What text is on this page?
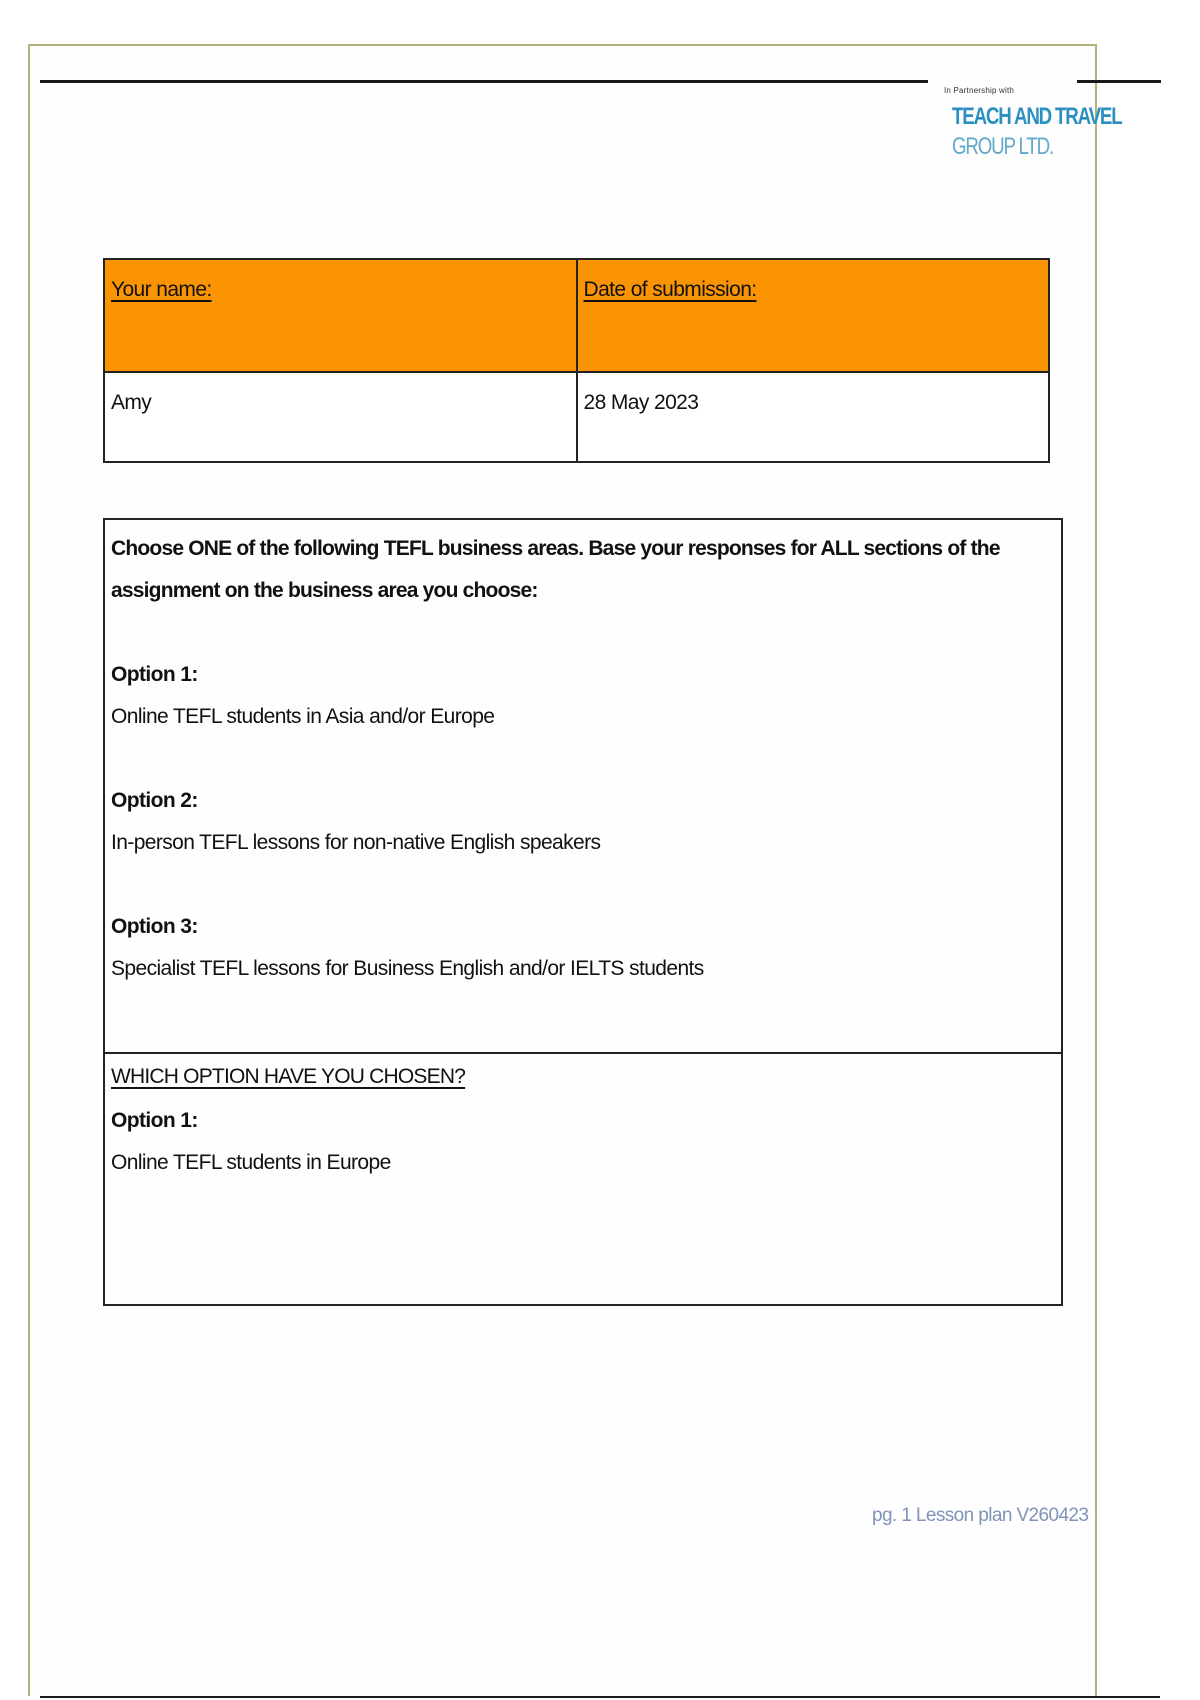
In Partnership with
TEACH AND TRAVEL
GROUP LTD.
Your name:	Date of submission:

Amy	28 May 2023
Choose ONE of the following TEFL business areas. Base your responses for ALL sections of the assignment on the business area you choose:
Option 1:
Online TEFL students in Asia and/or Europe
Option 2:
In-person TEFL lessons for non-native English speakers
Option 3:
Specialist TEFL lessons for Business English and/or IELTS students
WHICH OPTION HAVE YOU CHOSEN?
Option 1:
Online TEFL students in Europe
pg. 1 Lesson plan V260423
